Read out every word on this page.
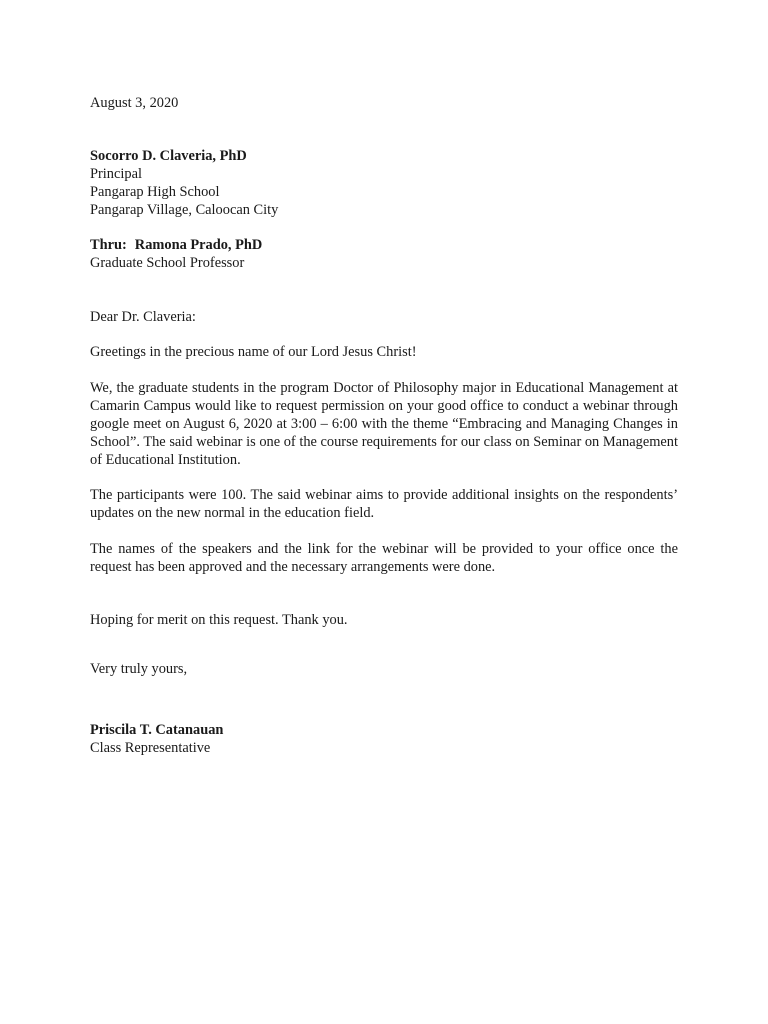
August 3, 2020

Socorro D. Claveria, PhD
Principal
Pangarap High School
Pangarap Village, Caloocan City
Thru: Ramona Prado, PhD
Graduate School Professor

Dear Dr. Claveria:

Greetings in the precious name of our Lord Jesus Christ!

We, the graduate students in the program Doctor of Philosophy major in Educational Management at Camarin Campus would like to request permission on your good office to conduct a webinar through google meet on August 6, 2020 at 3:00 – 6:00 with the theme “Embracing and Managing Changes in School”. The said webinar is one of the course requirements for our class on Seminar on Management of Educational Institution.

The participants were 100. The said webinar aims to provide additional insights on the respondents’ updates on the new normal in the education field.

The names of the speakers and the link for the webinar will be provided to your office once the request has been approved and the necessary arrangements were done.

Hoping for merit on this request. Thank you.

Very truly yours,

Priscila T. Catanauan
Class Representative
